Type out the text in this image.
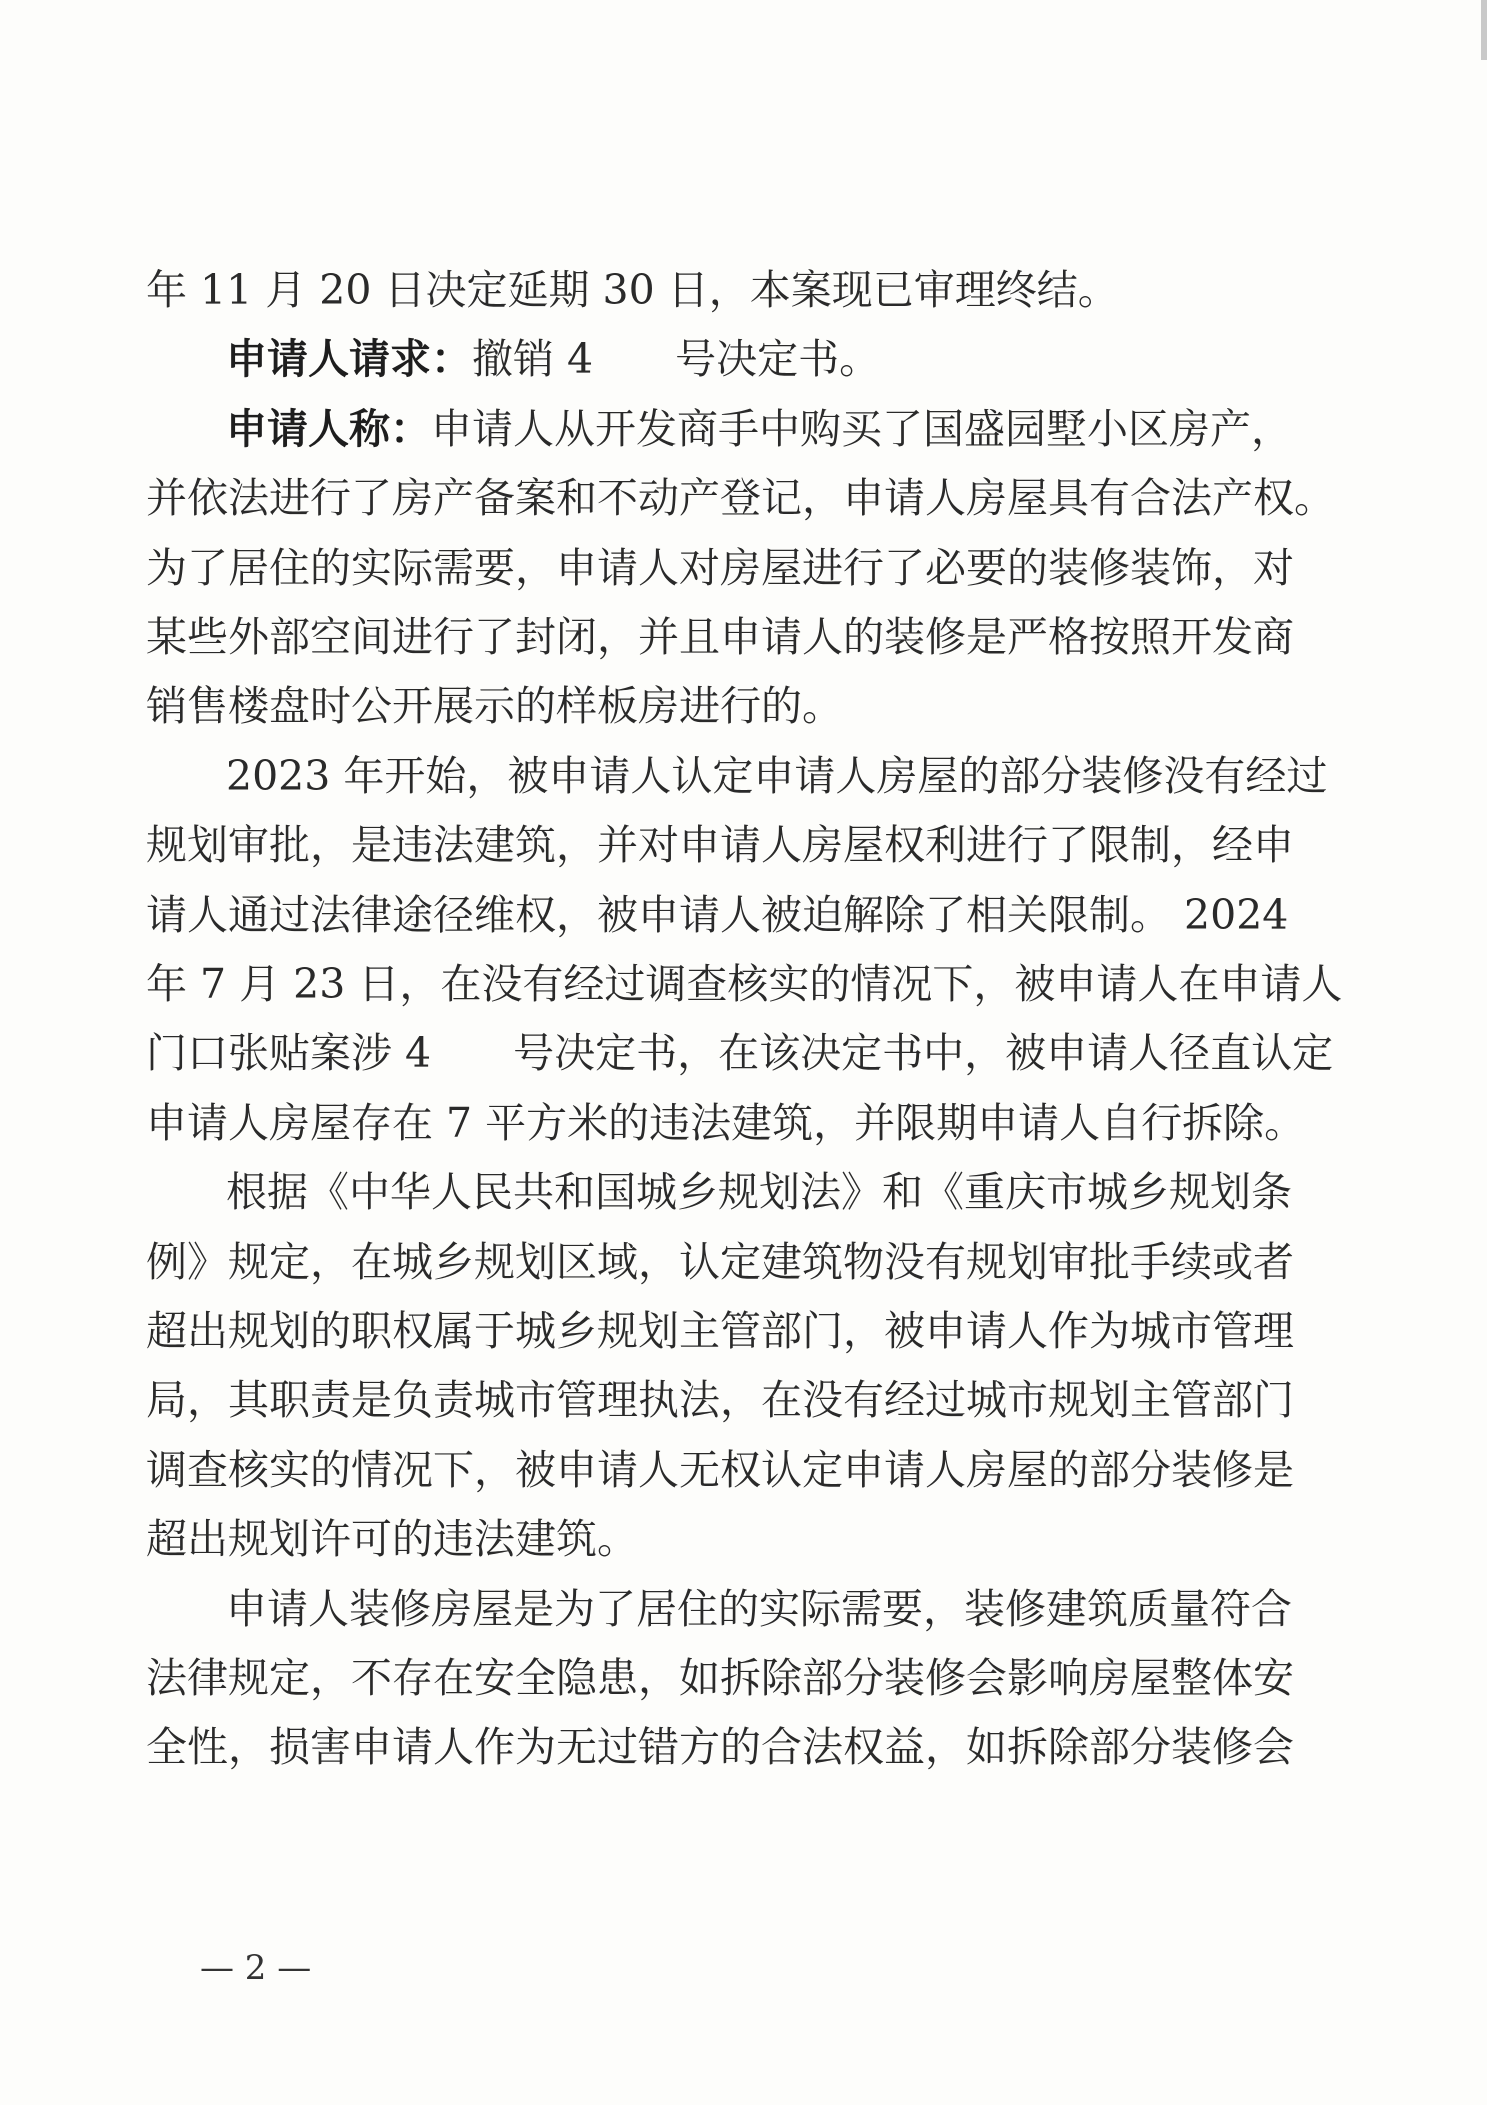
年 11 月 20 日决定延期 30 日，本案现已审理终结。
申请人请求：撤销 4　　号决定书。
申请人称：申请人从开发商手中购买了国盛园墅小区房产，
并依法进行了房产备案和不动产登记，申请人房屋具有合法产权。
为了居住的实际需要，申请人对房屋进行了必要的装修装饰，对
某些外部空间进行了封闭，并且申请人的装修是严格按照开发商
销售楼盘时公开展示的样板房进行的。
2023 年开始，被申请人认定申请人房屋的部分装修没有经过
规划审批，是违法建筑，并对申请人房屋权利进行了限制，经申
请人通过法律途径维权，被申请人被迫解除了相关限制。 2024
年 7 月 23 日，在没有经过调查核实的情况下，被申请人在申请人
门口张贴案涉 4　　号决定书，在该决定书中，被申请人径直认定
申请人房屋存在 7 平方米的违法建筑，并限期申请人自行拆除。
根据《中华人民共和国城乡规划法》和《重庆市城乡规划条
例》规定，在城乡规划区域，认定建筑物没有规划审批手续或者
超出规划的职权属于城乡规划主管部门，被申请人作为城市管理
局，其职责是负责城市管理执法，在没有经过城市规划主管部门
调查核实的情况下，被申请人无权认定申请人房屋的部分装修是
超出规划许可的违法建筑。
申请人装修房屋是为了居住的实际需要，装修建筑质量符合
法律规定，不存在安全隐患，如拆除部分装修会影响房屋整体安
全性，损害申请人作为无过错方的合法权益，如拆除部分装修会
— 2 —
